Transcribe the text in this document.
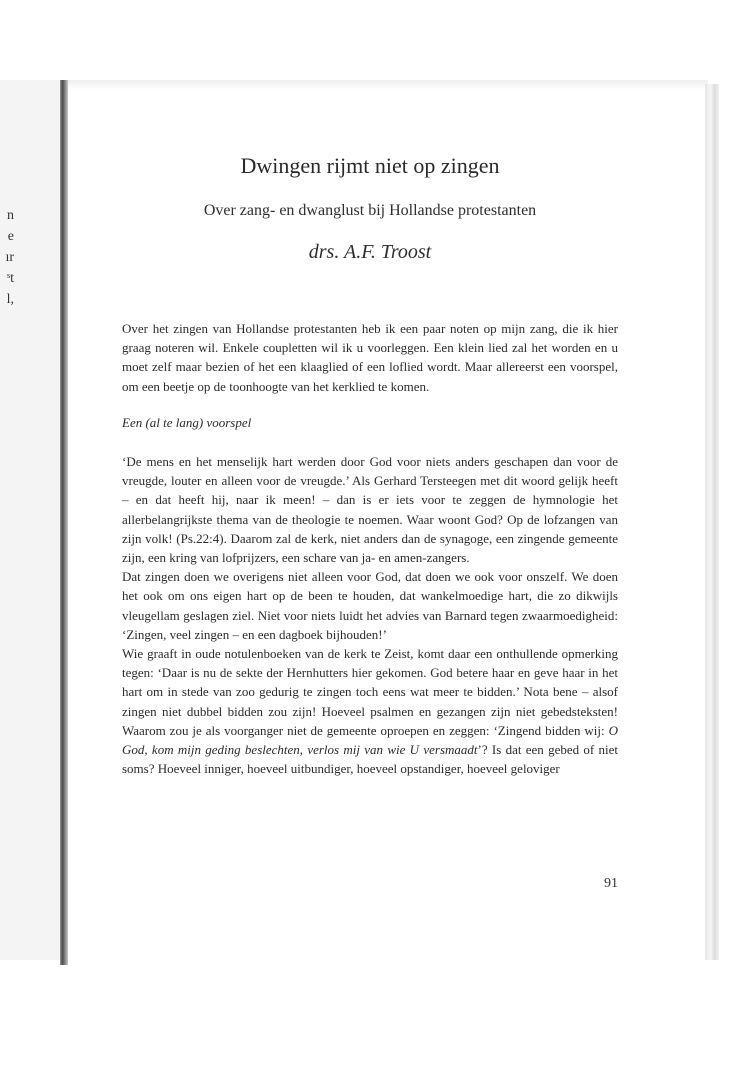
n
e
ır
ˢt
l,
Dwingen rijmt niet op zingen
Over zang- en dwanglust bij Hollandse protestanten
drs. A.F. Troost

Over het zingen van Hollandse protestanten heb ik een paar noten op mijn zang, die ik hier graag noteren wil. Enkele coupletten wil ik u voorleggen. Een klein lied zal het worden en u moet zelf maar bezien of het een klaaglied of een loflied wordt. Maar allereerst een voorspel, om een beetje op de toonhoogte van het kerklied te komen.

Een (al te lang) voorspel

‘De mens en het menselijk hart werden door God voor niets anders geschapen dan voor de vreugde, louter en alleen voor de vreugde.’ Als Gerhard Tersteegen met dit woord gelijk heeft – en dat heeft hij, naar ik meen! – dan is er iets voor te zeggen de hymnologie het allerbelangrijkste thema van de theologie te noemen. Waar woont God? Op de lofzangen van zijn volk! (Ps.22:4). Daarom zal de kerk, niet anders dan de synagoge, een zingende gemeente zijn, een kring van lofprijzers, een schare van ja- en amen-zangers.

Dat zingen doen we overigens niet alleen voor God, dat doen we ook voor onszelf. We doen het ook om ons eigen hart op de been te houden, dat wankelmoedige hart, die zo dikwijls vleugellam geslagen ziel. Niet voor niets luidt het advies van Barnard tegen zwaarmoedigheid: ‘Zingen, veel zingen – en een dagboek bijhouden!’

Wie graaft in oude notulenboeken van de kerk te Zeist, komt daar een onthullende opmerking tegen: ‘Daar is nu de sekte der Hernhutters hier gekomen. God betere haar en geve haar in het hart om in stede van zoo gedurig te zingen toch eens wat meer te bidden.’ Nota bene – alsof zingen niet dubbel bidden zou zijn! Hoeveel psalmen en gezangen zijn niet gebedsteksten! Waarom zou je als voorganger niet de gemeente oproepen en zeggen: ‘Zingend bidden wij: O God, kom mijn geding beslechten, verlos mij van wie U versmaadt’? Is dat een gebed of niet soms? Hoeveel inniger, hoeveel uitbundiger, hoeveel opstandiger, hoeveel geloviger

91
